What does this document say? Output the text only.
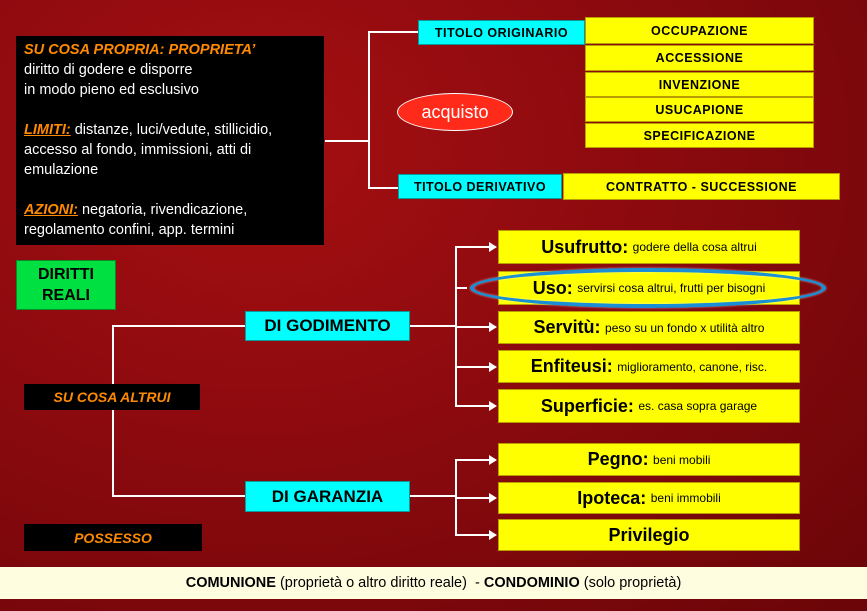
SU COSA PROPRIA: PROPRIETA’
diritto di godere e disporre
in modo pieno ed esclusivo
LIMITI: distanze, luci/vedute, stillicidio,
accesso al fondo, immissioni, atti di
emulazione
AZIONI: negatoria, rivendicazione,
regolamento confini, app. termini
TITOLO ORIGINARIO
TITOLO DERIVATIVO
acquisto
OCCUPAZIONE
ACCESSIONE
INVENZIONE
USUCAPIONE
SPECIFICAZIONE
CONTRATTO - SUCCESSIONE
DIRITTI
REALI
SU COSA ALTRUI
POSSESSO
DI GODIMENTO
DI GARANZIA
Usufrutto:
godere della cosa altrui
Uso:
servirsi cosa altrui, frutti per bisogni
Servitù:
peso su un fondo x utilità altro
Enfiteusi:
miglioramento, canone, risc.
Superficie:
es. casa sopra garage
Pegno:
beni mobili
Ipoteca:
beni immobili
Privilegio
COMUNIONE (proprietà o altro diritto reale)  - CONDOMINIO (solo proprietà)
